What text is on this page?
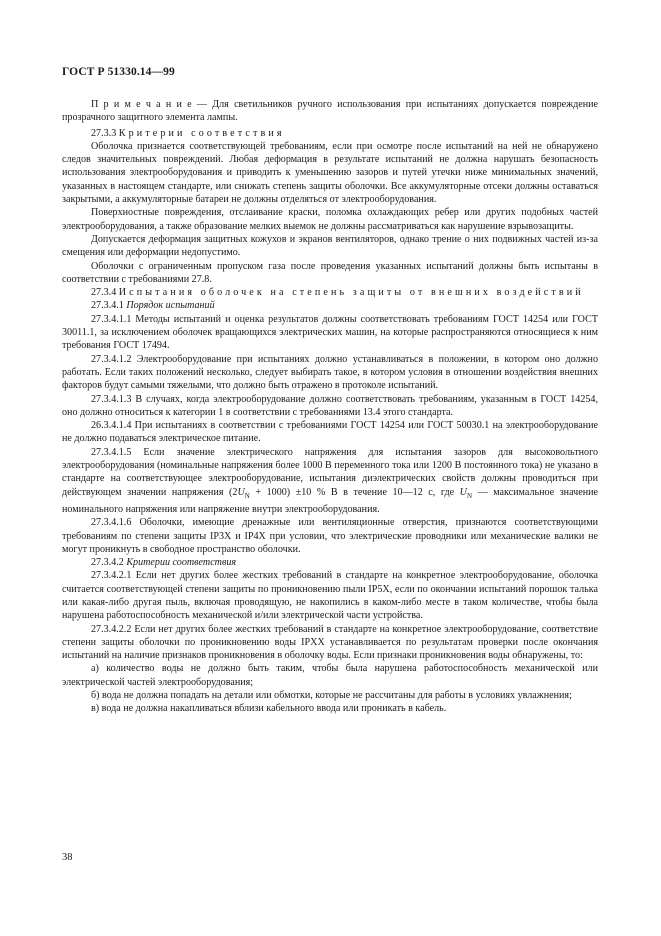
ГОСТ Р 51330.14—99

П р и м е ч а н и е — Для светильников ручного использования при испытаниях допускается повреждение прозрачного защитного элемента лампы.

27.3.3 Критерии соответствия

Оболочка признается соответствующей требованиям, если при осмотре после испытаний на ней не обнаружено следов значительных повреждений. Любая деформация в результате испытаний не должна нарушать безопасность использования электрооборудования и приводить к уменьшению зазоров и путей утечки ниже минимальных значений, указанных в настоящем стандарте, или снижать степень защиты оболочки. Все аккумуляторные отсеки должны оставаться закрытыми, а аккумуляторные батареи не должны отделяться от электрооборудования.

Поверхностные повреждения, отслаивание краски, поломка охлаждающих ребер или других подобных частей электрооборудования, а также образование мелких выемок не должны рассматриваться как нарушение взрывозащиты.

Допускается деформация защитных кожухов и экранов вентиляторов, однако трение о них подвижных частей из-за смещения или деформации недопустимо.

Оболочки с ограниченным пропуском газа после проведения указанных испытаний должны быть испытаны в соответствии с требованиями 27.8.

27.3.4 Испытания оболочек на степень защиты от внешних воздействий

27.3.4.1 Порядок испытаний

27.3.4.1.1 Методы испытаний и оценка результатов должны соответствовать требованиям ГОСТ 14254 или ГОСТ 30011.1, за исключением оболочек вращающихся электрических машин, на которые распространяются относящиеся к ним требования ГОСТ 17494.

27.3.4.1.2 Электрооборудование при испытаниях должно устанавливаться в положении, в котором оно должно работать. Если таких положений несколько, следует выбирать такое, в котором условия в отношении воздействия внешних факторов будут самыми тяжелыми, что должно быть отражено в протоколе испытаний.

27.3.4.1.3 В случаях, когда электрооборудование должно соответствовать требованиям, указанным в ГОСТ 14254, оно должно относиться к категории 1 в соответствии с требованиями 13.4 этого стандарта.

26.3.4.1.4 При испытаниях в соответствии с требованиями ГОСТ 14254 или ГОСТ 50030.1 на электрооборудование не должно подаваться электрическое питание.

27.3.4.1.5 Если значение электрического напряжения для испытания зазоров для высоковольтного электрооборудования (номинальные напряжения более 1000 В переменного тока или 1200 В постоянного тока) не указано в стандарте на соответствующее электрооборудование, испытания диэлектрических свойств должны проводиться при действующем значении напряжения $(2U_N + 1000) \pm 10$ % В в течение 10—12 с, где $U_N$ — максимальное значение номинального напряжения или напряжение внутри электрооборудования.

27.3.4.1.6 Оболочки, имеющие дренажные или вентиляционные отверстия, признаются соответствующими требованиям по степени защиты IP3X и IP4X при условии, что электрические проводники или механические валики не могут проникнуть в свободное пространство оболочки.

27.3.4.2 Критерии соответствия

27.3.4.2.1 Если нет других более жестких требований в стандарте на конкретное электрооборудование, оболочка считается соответствующей степени защиты по проникновению пыли IP5X, если по окончании испытаний порошок талька или какая-либо другая пыль, включая проводящую, не накопились в каком-либо месте в таком количестве, чтобы была нарушена работоспособность механической и/или электрической части устройства.

27.3.4.2.2 Если нет других более жестких требований в стандарте на конкретное электрооборудование, соответствие степени защиты оболочки по проникновению воды IPXX устанавливается по результатам проверки после окончания испытаний на наличие признаков проникновения в оболочку воды. Если признаки проникновения воды обнаружены, то:

а) количество воды не должно быть таким, чтобы была нарушена работоспособность механической или электрической частей электрооборудования;

б) вода не должна попадать на детали или обмотки, которые не рассчитаны для работы в условиях увлажнения;

в) вода не должна накапливаться вблизи кабельного ввода или проникать в кабель.

38
